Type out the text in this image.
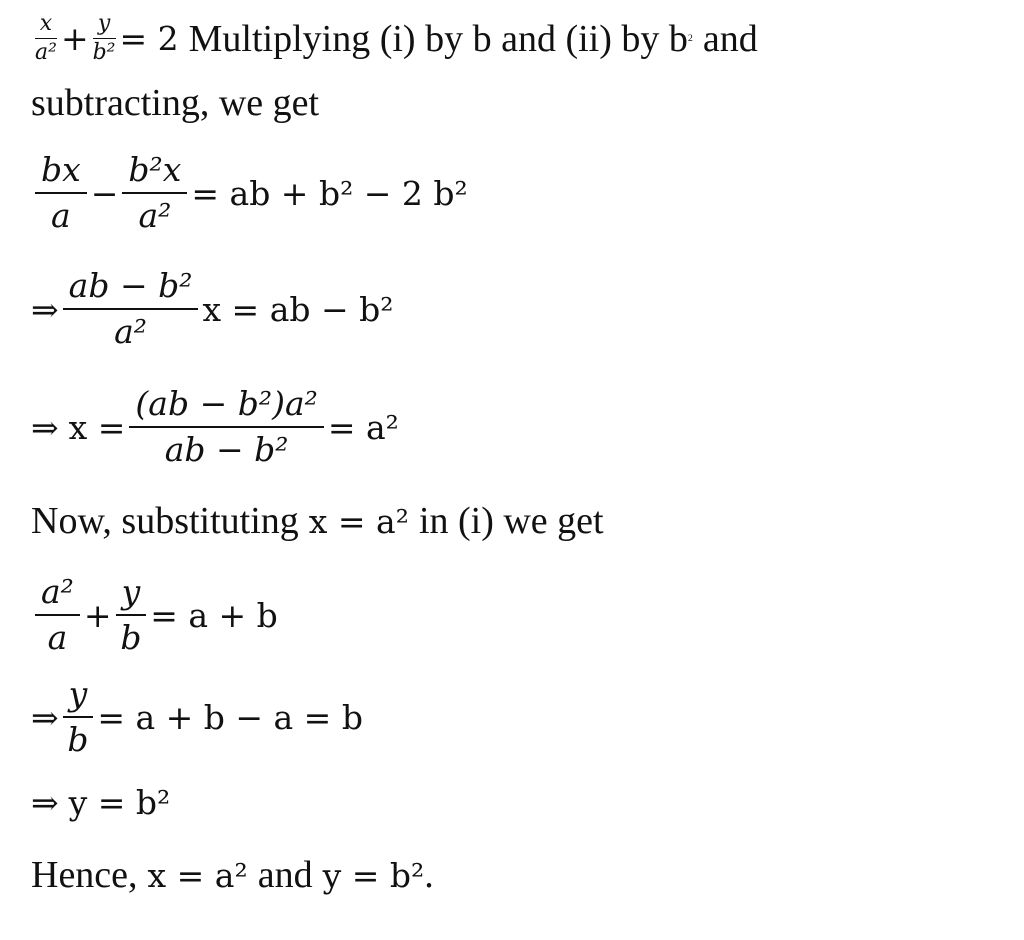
$\frac{x}{\text{a²}} + \frac{y}{\text{b²}} = 2$ Multiplying (i) by b and (ii) by b 2 and
subtracting, we get
$\frac{bx}{a} - \frac{\text{b²x}}{\text{a²}}$ = ab + b² − 2 b²
⇒ $\frac{\text{ab − b²}}{\text{a²}}$ x = ab − b²
⇒ $x = \frac{\text{(ab − b²)a²}}{\text{ab − b²}} = a^2$
Now, substituting x = a² in (i) we get
$\frac{\text{a²}}{a} + \frac{y}{b} = a + b$
⇒ $\frac{y}{b} = a + b - a = b$
⇒ y = b²
Hence, x = a² and y = b² .
